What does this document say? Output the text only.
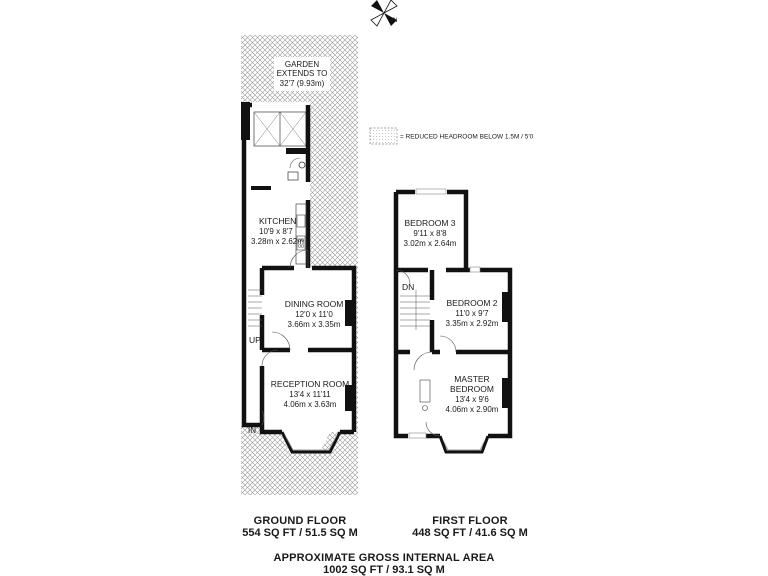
N
= REDUCED HEADROOM BELOW 1.5M / 5'0
GARDEN
EXTENDS TO
32'7 (9.93m)
KITCHEN
10'9 x 8'7
3.28m x 2.62m
DINING ROOM
12'0 x 11'0
3.66m x 3.35m
RECEPTION ROOM
13'4 x 11'11
4.06m x 3.63m
UP
IN
BEDROOM 3
9'11 x 8'8
3.02m x 2.64m
BEDROOM 2
11'0 x 9'7
3.35m x 2.92m
MASTER
BEDROOM
13'4 x 9'6
4.06m x 2.90m
DN
GROUND FLOOR
554 SQ FT / 51.5 SQ M
FIRST FLOOR
448 SQ FT / 41.6 SQ M
APPROXIMATE GROSS INTERNAL AREA
1002 SQ FT / 93.1 SQ M
